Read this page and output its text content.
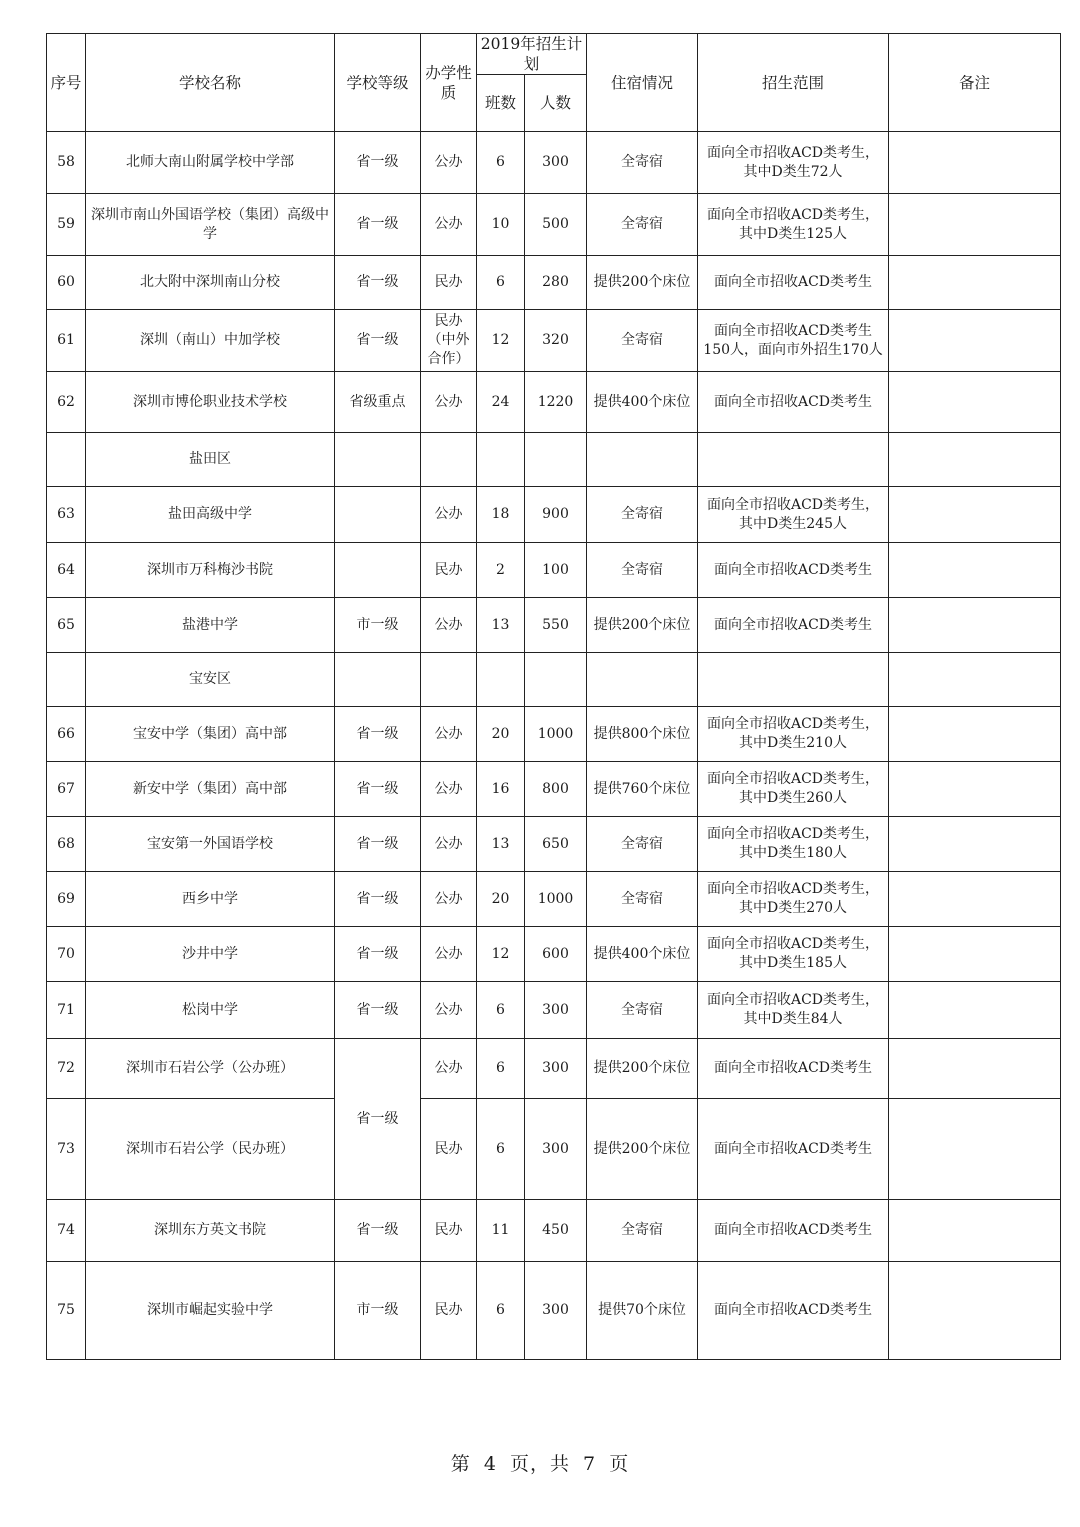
序号	学校名称	学校等级	办学性质	2019年招生计划		住宿情况	招生范围	备注
				班数	人数			
58	北师大南山附属学校中学部	省一级	公办	6	300	全寄宿	面向全市招收ACD类考生，其中D类生72人	
59	深圳市南山外国语学校（集团）高级中学	省一级	公办	10	500	全寄宿	面向全市招收ACD类考生，其中D类生125人	
60	北大附中深圳南山分校	省一级	民办	6	280	提供200个床位	面向全市招收ACD类考生	
61	深圳（南山）中加学校	省一级	民办（中外合作）	12	320	全寄宿	面向全市招收ACD类考生150人，面向市外招生170人	
62	深圳市博伦职业技术学校	省级重点	公办	24	1220	提供400个床位	面向全市招收ACD类考生	
	盐田区							
63	盐田高级中学		公办	18	900	全寄宿	面向全市招收ACD类考生，其中D类生245人	
64	深圳市万科梅沙书院		民办	2	100	全寄宿	面向全市招收ACD类考生	
65	盐港中学	市一级	公办	13	550	提供200个床位	面向全市招收ACD类考生	
	宝安区							
66	宝安中学（集团）高中部	省一级	公办	20	1000	提供800个床位	面向全市招收ACD类考生，其中D类生210人	
67	新安中学（集团）高中部	省一级	公办	16	800	提供760个床位	面向全市招收ACD类考生，其中D类生260人	
68	宝安第一外国语学校	省一级	公办	13	650	全寄宿	面向全市招收ACD类考生，其中D类生180人	
69	西乡中学	省一级	公办	20	1000	全寄宿	面向全市招收ACD类考生，其中D类生270人	
70	沙井中学	省一级	公办	12	600	提供400个床位	面向全市招收ACD类考生，其中D类生185人	
71	松岗中学	省一级	公办	6	300	全寄宿	面向全市招收ACD类考生，其中D类生84人	
72	深圳市石岩公学（公办班）	省一级	公办	6	300	提供200个床位	面向全市招收ACD类考生	
73	深圳市石岩公学（民办班）		民办	6	300	提供200个床位	面向全市招收ACD类考生	
74	深圳东方英文书院	省一级	民办	11	450	全寄宿	面向全市招收ACD类考生	
75	深圳市崛起实验中学	市一级	民办	6	300	提供70个床位	面向全市招收ACD类考生	
第 4 页，共 7 页
